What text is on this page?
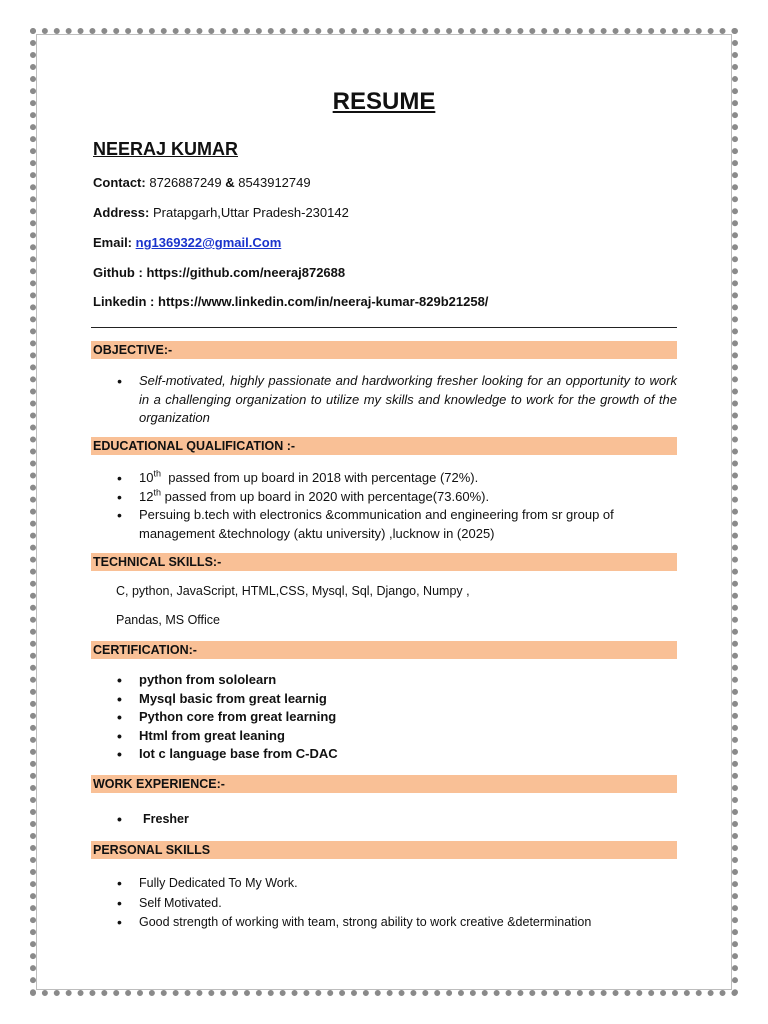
RESUME
NEERAJ KUMAR

Contact: 8726887249 & 8543912749

Address: Pratapgarh,Uttar Pradesh-230142

Email: ng1369322@gmail.Com

Github : https://github.com/neeraj872688

Linkedin : https://www.linkedin.com/in/neeraj-kumar-829b21258/

OBJECTIVE:-
• Self-motivated, highly passionate and hardworking fresher looking for an opportunity to work in a challenging organization to utilize my skills and knowledge to work for the growth of the organization
EDUCATIONAL QUALIFICATION :-
• 10th  passed from up board in 2018 with percentage (72%).
• 12th passed from up board in 2020 with percentage(73.60%).
• Persuing b.tech with electronics &communication and engineering from sr group of management &technology (aktu university) ,lucknow in (2025)
TECHNICAL SKILLS:-

C, python, JavaScript, HTML,CSS, Mysql, Sql, Django, Numpy ,

Pandas, MS Office

CERTIFICATION:-
• python from sololearn
• Mysql basic from great learnig
• Python core from great learning
• Html from great leaning
• Iot c language base from C-DAC
WORK EXPERIENCE:-
• Fresher
PERSONAL SKILLS
• Fully Dedicated To My Work.
• Self Motivated.
• Good strength of working with team, strong ability to work creative &determination
